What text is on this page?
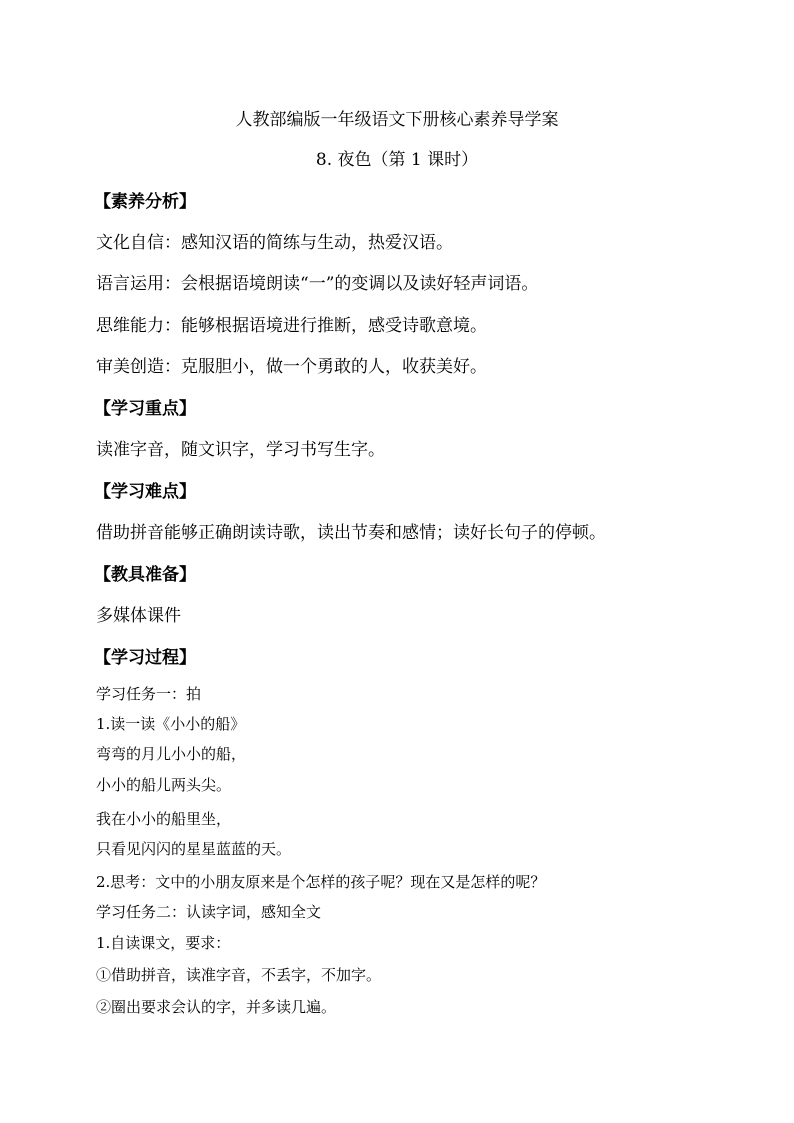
人教部编版一年级语文下册核心素养导学案
8. 夜色（第 1 课时）
【素养分析】
文化自信：感知汉语的简练与生动，热爱汉语。
语言运用：会根据语境朗读“一”的变调以及读好轻声词语。
思维能力：能够根据语境进行推断，感受诗歌意境。
审美创造：克服胆小，做一个勇敢的人，收获美好。
【学习重点】
读准字音，随文识字，学习书写生字。
【学习难点】
借助拼音能够正确朗读诗歌，读出节奏和感情；读好长句子的停顿。
【教具准备】
多媒体课件
【学习过程】
学习任务一：拍
1.读一读《小小的船》
弯弯的月儿小小的船，
小小的船儿两头尖。
我在小小的船里坐，
只看见闪闪的星星蓝蓝的天。
2.思考：文中的小朋友原来是个怎样的孩子呢？现在又是怎样的呢？
学习任务二：认读字词，感知全文
1.自读课文，要求：
①借助拼音，读准字音，不丢字，不加字。
②圈出要求会认的字，并多读几遍。
